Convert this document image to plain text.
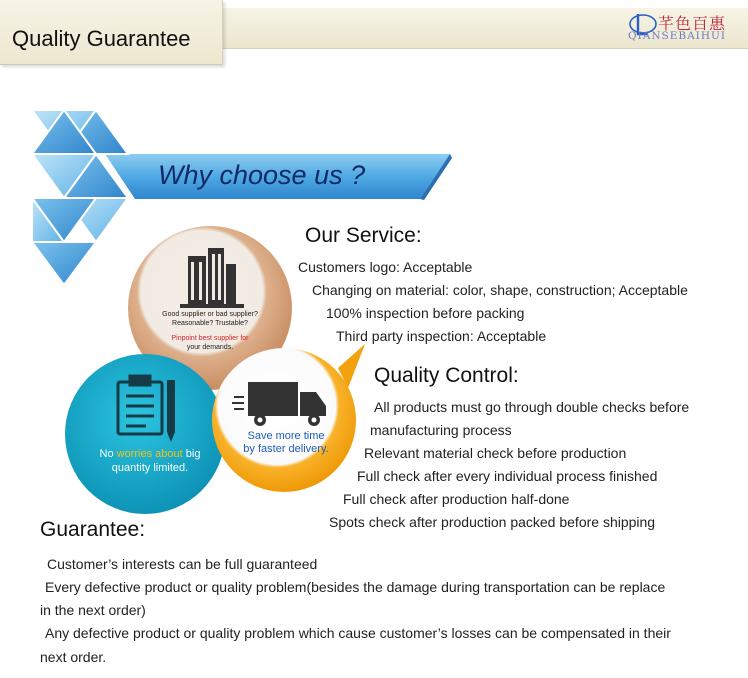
Quality Guarantee
芊色百惠
QIANSEBAIHUI
Why choose us ?
Good supplier or bad supplier?
Reasonable? Trustable?
Pinpoint best supplier for
your demands.
No worries about big
quantity limited.
Save more time
by faster delivery.
Our Service:
Customers logo: Acceptable
Changing on material: color, shape, construction; Acceptable
100% inspection before packing
Third party inspection: Acceptable
Quality Control:
All products must go through double checks before
manufacturing process
Relevant material check before production
Full check after every individual process finished
Full check after production half-done
Spots check after production packed before shipping
Guarantee:
Customer’s interests can be full guaranteed
Every defective product or quality problem(besides the damage during transportation can be replace
in the next order)
Any defective product or quality problem which cause customer’s losses can be compensated in their
next order.
